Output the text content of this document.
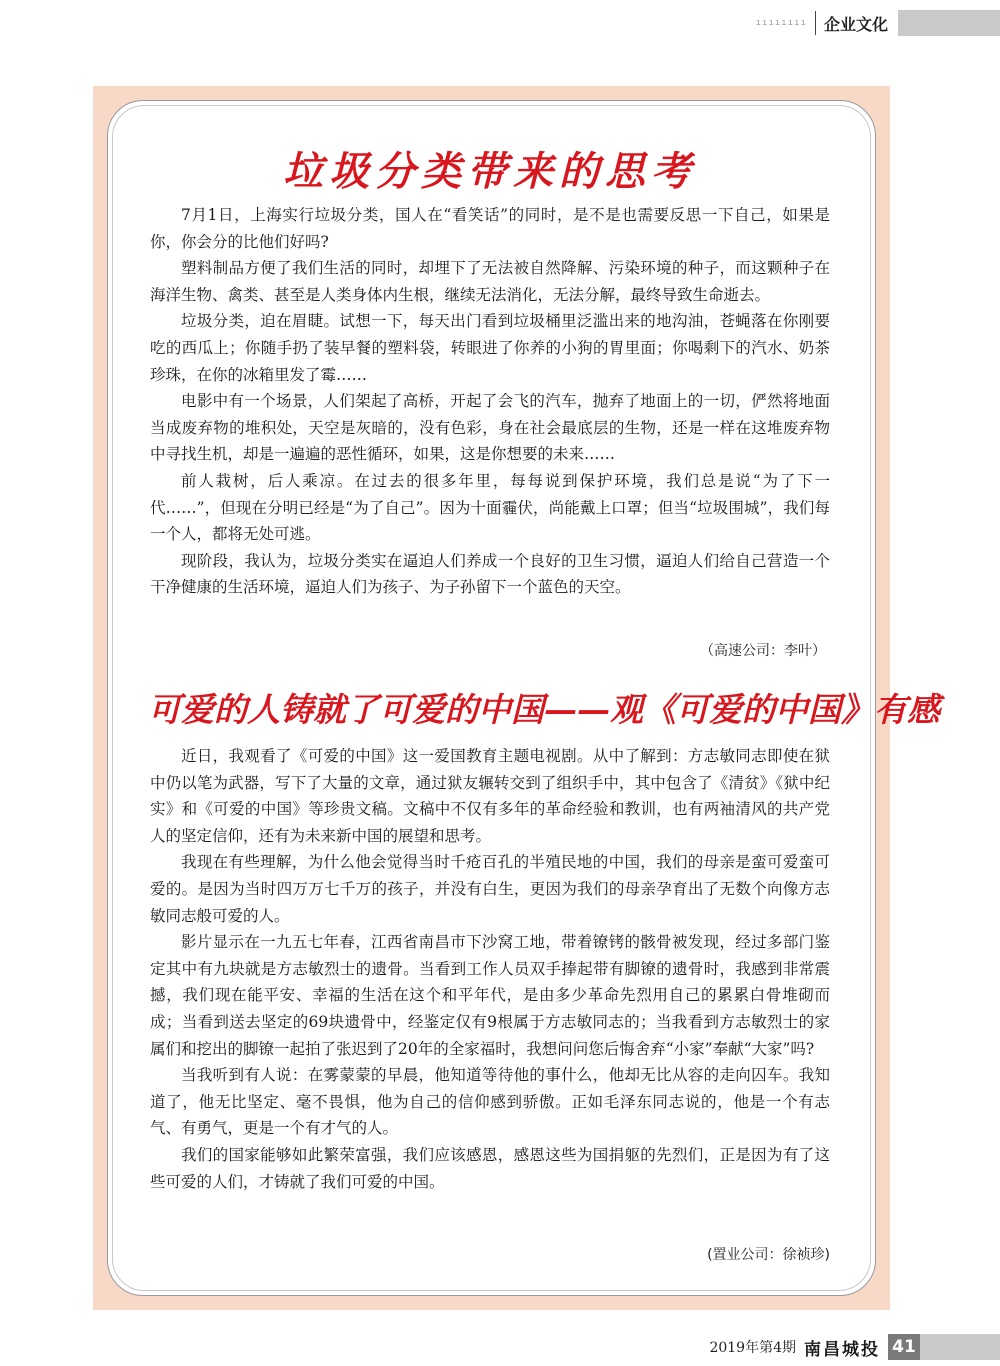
ıııııııı 企业文化
垃圾分类带来的思考

7月1日，上海实行垃圾分类，国人在“看笑话”的同时，是不是也需要反思一下自己，如果是你，你会分的比他们好吗?

塑料制品方便了我们生活的同时，却埋下了无法被自然降解、污染环境的种子，而这颗种子在海洋生物、禽类、甚至是人类身体内生根，继续无法消化，无法分解，最终导致生命逝去。

垃圾分类，迫在眉睫。试想一下，每天出门看到垃圾桶里泛滥出来的地沟油，苍蝇落在你刚要吃的西瓜上；你随手扔了装早餐的塑料袋，转眼进了你养的小狗的胃里面；你喝剩下的汽水、奶茶珍珠，在你的冰箱里发了霉……

电影中有一个场景，人们架起了高桥，开起了会飞的汽车，抛弃了地面上的一切，俨然将地面当成废弃物的堆积处，天空是灰暗的，没有色彩，身在社会最底层的生物，还是一样在这堆废弃物中寻找生机，却是一遍遍的恶性循环，如果，这是你想要的未来……

前人栽树，后人乘凉。在过去的很多年里，每每说到保护环境，我们总是说“为了下一代……”，但现在分明已经是“为了自己”。因为十面霾伏，尚能戴上口罩；但当“垃圾围城”，我们每一个人，都将无处可逃。

现阶段，我认为，垃圾分类实在逼迫人们养成一个良好的卫生习惯，逼迫人们给自己营造一个干净健康的生活环境，逼迫人们为孩子、为子孙留下一个蓝色的天空。

（高速公司：李叶）
可爱的人铸就了可爱的中国——观《可爱的中国》有感

近日，我观看了《可爱的中国》这一爱国教育主题电视剧。从中了解到：方志敏同志即使在狱中仍以笔为武器，写下了大量的文章，通过狱友辗转交到了组织手中，其中包含了《清贫》《狱中纪实》和《可爱的中国》等珍贵文稿。文稿中不仅有多年的革命经验和教训，也有两袖清风的共产党人的坚定信仰，还有为未来新中国的展望和思考。

我现在有些理解，为什么他会觉得当时千疮百孔的半殖民地的中国，我们的母亲是蛮可爱蛮可爱的。是因为当时四万万七千万的孩子，并没有白生，更因为我们的母亲孕育出了无数个向像方志敏同志般可爱的人。

影片显示在一九五七年春，江西省南昌市下沙窝工地，带着镣铐的骸骨被发现，经过多部门鉴定其中有九块就是方志敏烈士的遗骨。当看到工作人员双手捧起带有脚镣的遗骨时，我感到非常震撼，我们现在能平安、幸福的生活在这个和平年代，是由多少革命先烈用自己的累累白骨堆砌而成；当看到送去坚定的69块遗骨中，经鉴定仅有9根属于方志敏同志的；当我看到方志敏烈士的家属们和挖出的脚镣一起拍了张迟到了20年的全家福时，我想问问您后悔舍弃“小家”奉献“大家”吗?

当我听到有人说：在雾蒙蒙的早晨，他知道等待他的事什么，他却无比从容的走向囚车。我知道了，他无比坚定、毫不畏惧，他为自己的信仰感到骄傲。正如毛泽东同志说的，他是一个有志气、有勇气，更是一个有才气的人。

我们的国家能够如此繁荣富强，我们应该感恩，感恩这些为国捐躯的先烈们，正是因为有了这些可爱的人们，才铸就了我们可爱的中国。

(置业公司：徐祯珍)
2019年第4期 南昌城投 41
